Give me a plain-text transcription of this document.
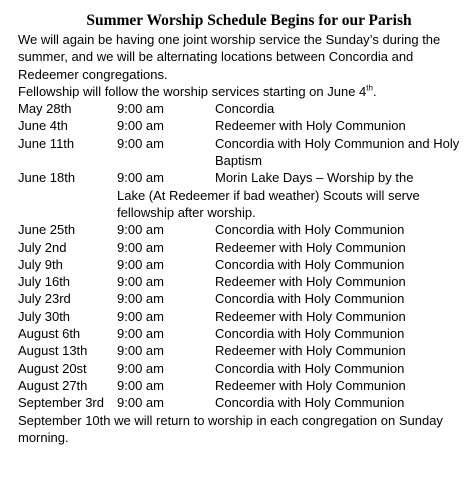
Summer Worship Schedule Begins for our Parish

We will again be having one joint worship service the Sunday’s during the summer, and we will be alternating locations between Concordia and Redeemer congregations.

Fellowship will follow the worship services starting on June 4th.

May 28th	9:00 am	Concordia
June 4th	9:00 am	Redeemer with Holy Communion
June 11th	9:00 am	Concordia with Holy Communion and Holy Baptism
June 18th	9:00 am	Morin Lake Days – Worship by the
Lake (At Redeemer if bad weather) Scouts will serve fellowship after worship.
June 25th	9:00 am	Concordia with Holy Communion
July 2nd	9:00 am	Redeemer with Holy Communion
July 9th	9:00 am	Concordia with Holy Communion
July 16th	9:00 am	Redeemer with Holy Communion
July 23rd	9:00 am	Concordia with Holy Communion
July 30th	9:00 am	Redeemer with Holy Communion
August 6th	9:00 am	Concordia with Holy Communion
August 13th 9:00 am	Redeemer with Holy Communion
August 20st 9:00 am	Concordia with Holy Communion
August 27th 9:00 am	Redeemer with Holy Communion
September 3rd 9:00 am	Concordia with Holy Communion

September 10th we will return to worship in each congregation on Sunday morning.
